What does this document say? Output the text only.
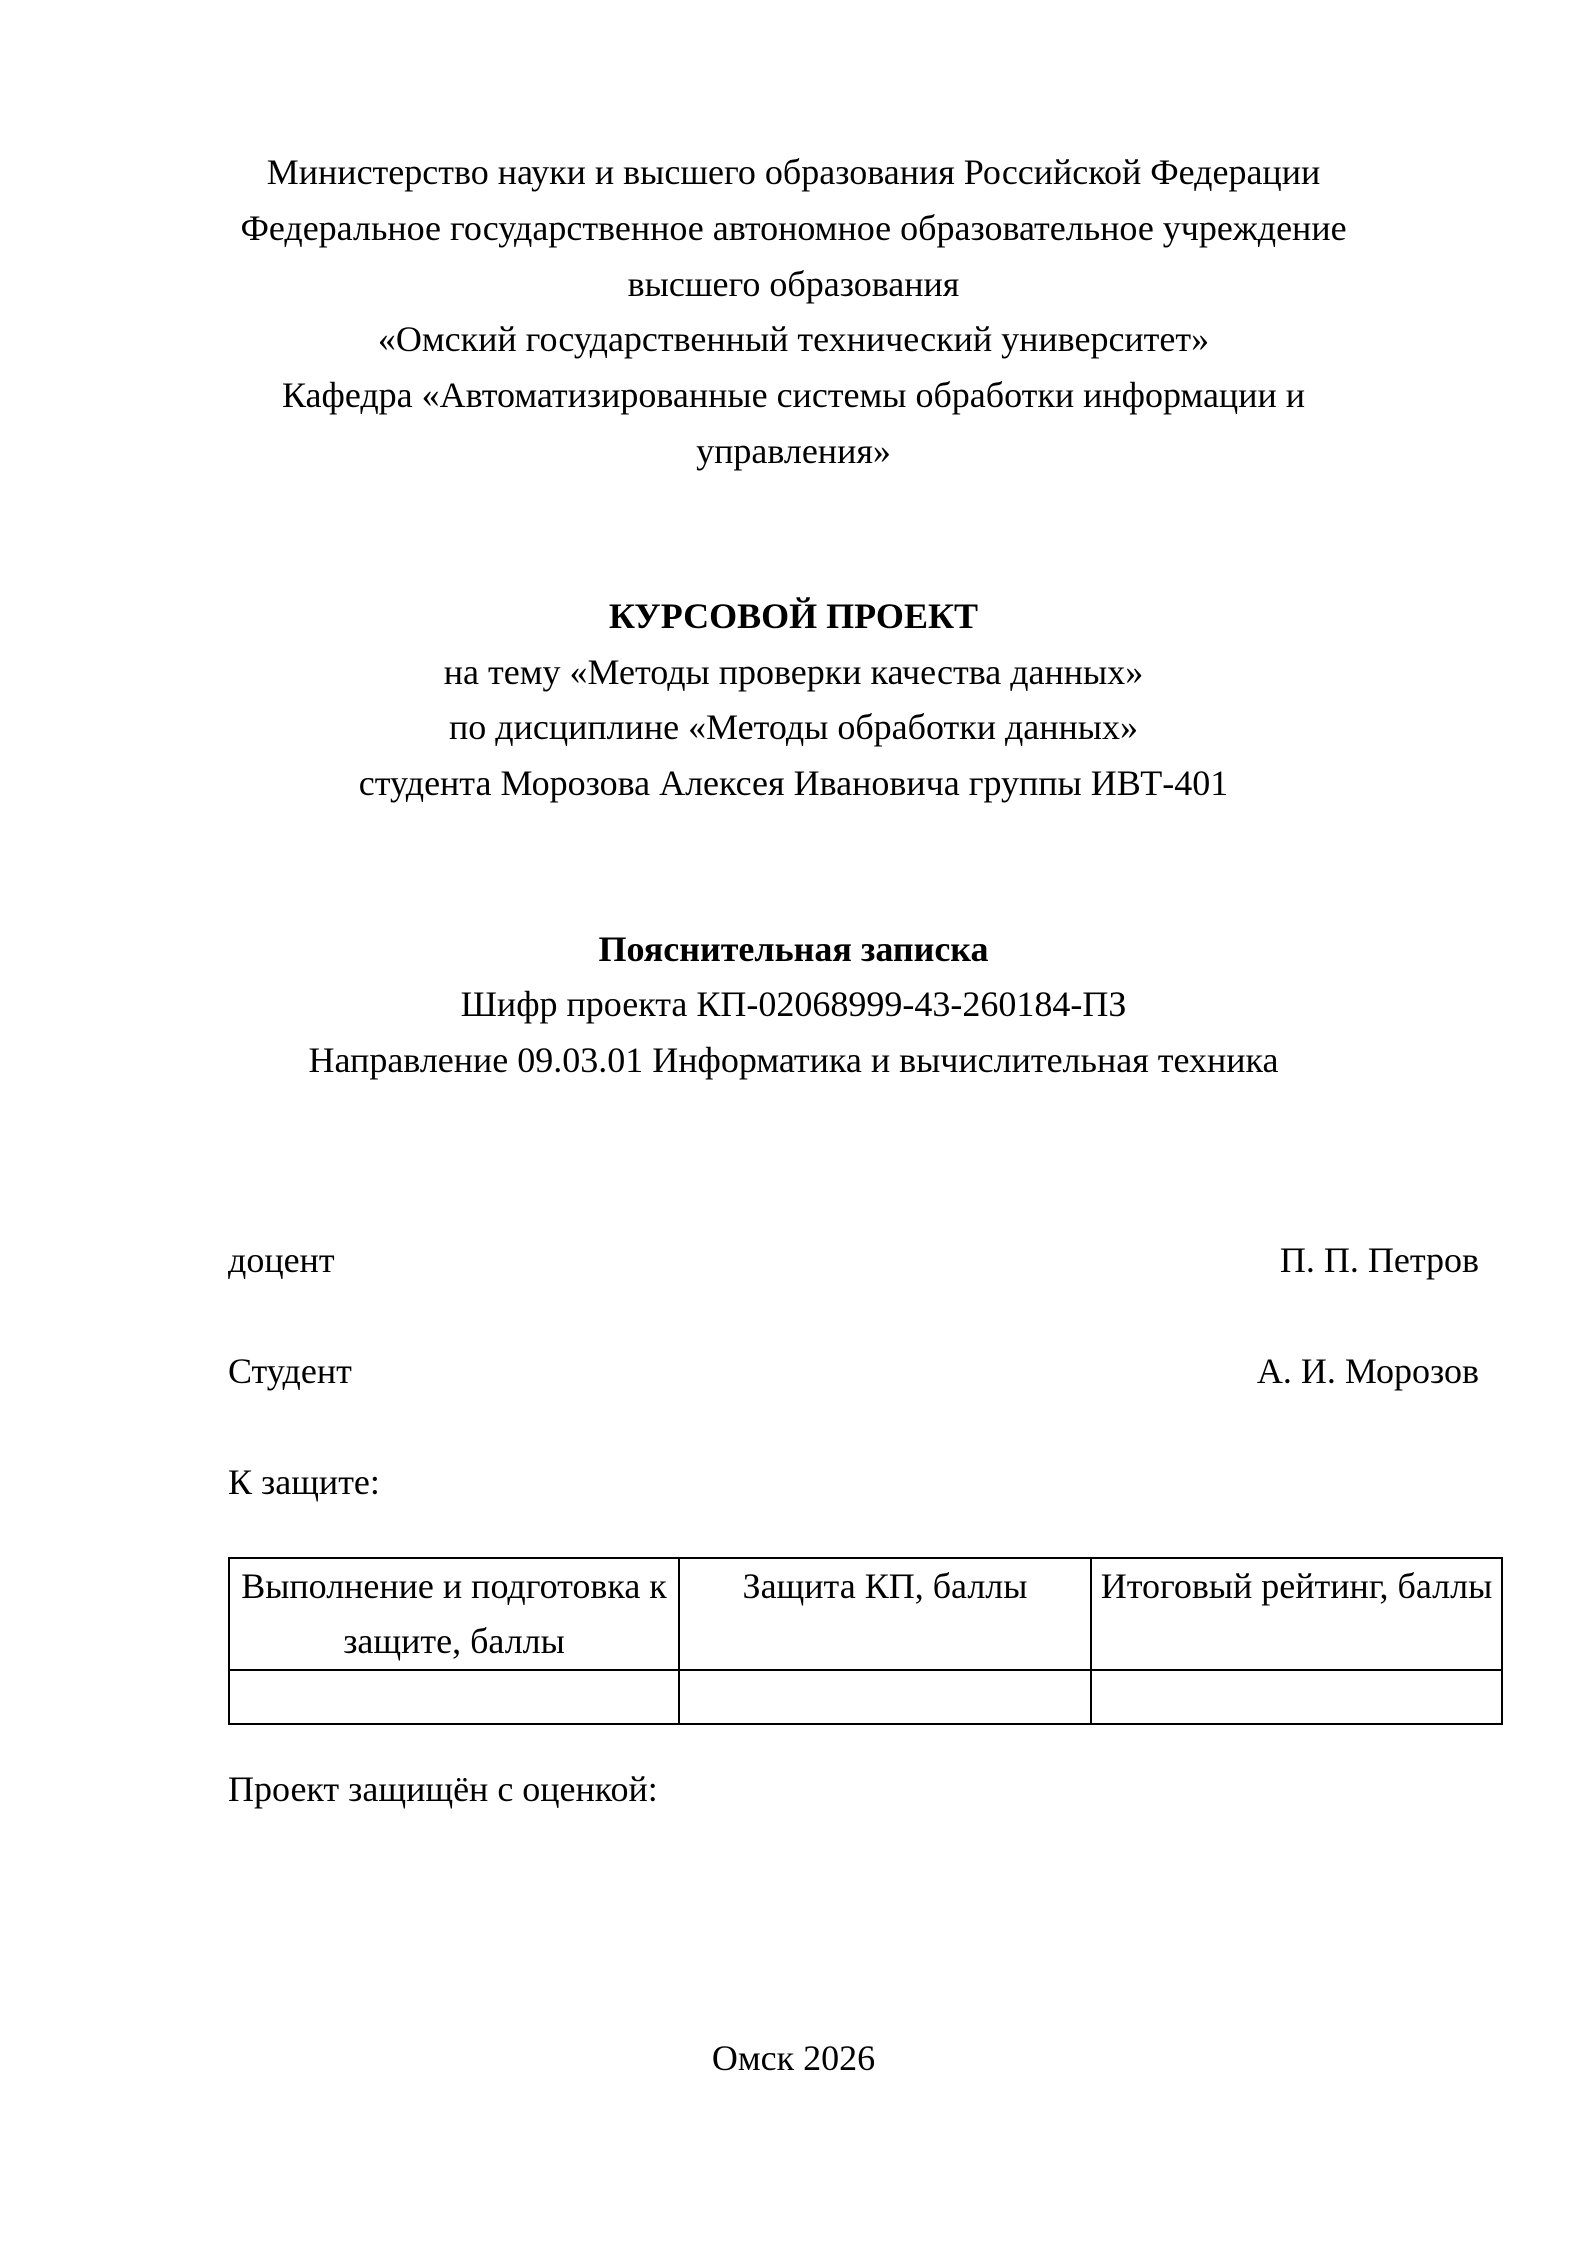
Министерство науки и высшего образования Российской Федерации
Федеральное государственное автономное образовательное учреждение
высшего образования
«Омский государственный технический университет»
Кафедра «Автоматизированные системы обработки информации и
управления»
КУРСОВОЙ ПРОЕКТ
на тему «Методы проверки качества данных»
по дисциплине «Методы обработки данных»
студента Морозова Алексея Ивановича группы ИВТ-401
Пояснительная записка
Шифр проекта КП-02068999-43-260184-ПЗ
Направление 09.03.01 Информатика и вычислительная техника
доцент	П. П. Петров
Студент	А. И. Морозов
К защите:
Выполнение и подготовка к защите, баллы	Защита КП, баллы	Итоговый рейтинг, баллы

Проект защищён с оценкой:
Омск 2026
